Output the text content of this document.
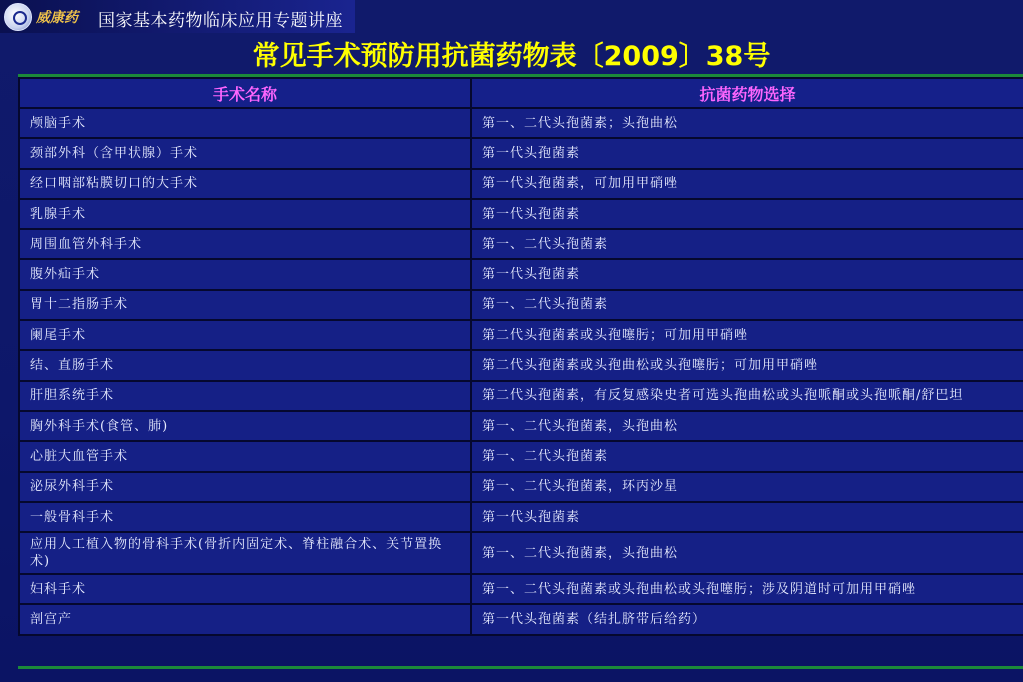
威康药 国家基本药物临床应用专题讲座
常见手术预防用抗菌药物表〔2009〕38号
手术名称	抗菌药物选择
颅脑手术	第一、二代头孢菌素；头孢曲松
颈部外科（含甲状腺）手术	第一代头孢菌素
经口咽部粘膜切口的大手术	第一代头孢菌素，可加用甲硝唑
乳腺手术	第一代头孢菌素
周围血管外科手术	第一、二代头孢菌素
腹外疝手术	第一代头孢菌素
胃十二指肠手术	第一、二代头孢菌素
阑尾手术	第二代头孢菌素或头孢噻肟；可加用甲硝唑
结、直肠手术	第二代头孢菌素或头孢曲松或头孢噻肟；可加用甲硝唑
肝胆系统手术	第二代头孢菌素，有反复感染史者可选头孢曲松或头孢哌酮或头孢哌酮/舒巴坦
胸外科手术(食管、肺)	第一、二代头孢菌素，头孢曲松
心脏大血管手术	第一、二代头孢菌素
泌尿外科手术	第一、二代头孢菌素，环丙沙星
一般骨科手术	第一代头孢菌素
应用人工植入物的骨科手术(骨折内固定术、脊柱融合术、关节置换术)	第一、二代头孢菌素，头孢曲松
妇科手术	第一、二代头孢菌素或头孢曲松或头孢噻肟；涉及阴道时可加用甲硝唑
剖宫产	第一代头孢菌素（结扎脐带后给药）
